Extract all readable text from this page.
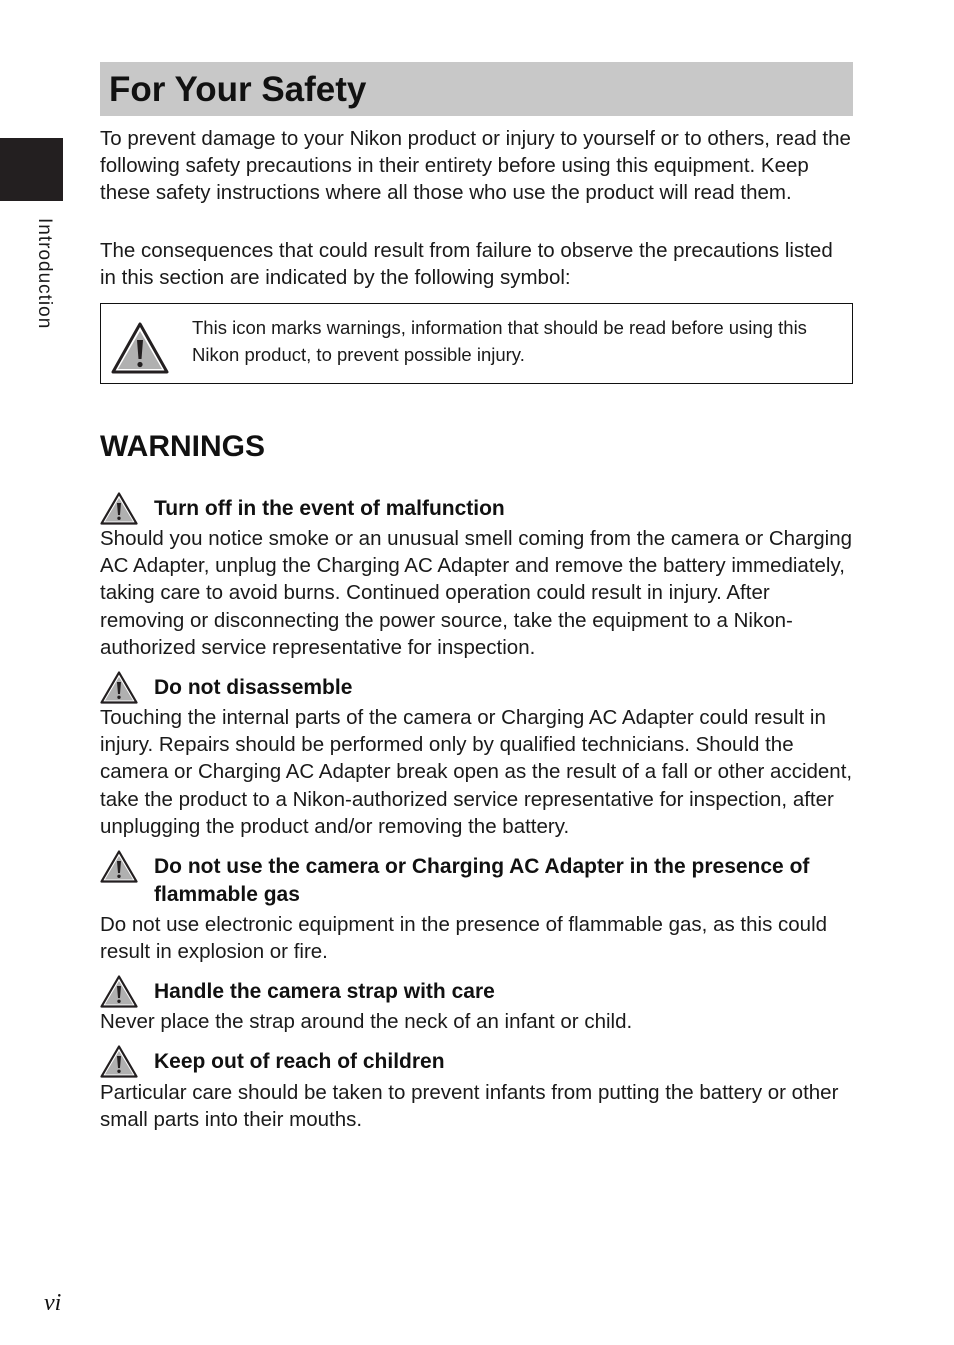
Introduction
For Your Safety

To prevent damage to your Nikon product or injury to yourself or to others, read the following safety precautions in their entirety before using this equipment. Keep these safety instructions where all those who use the product will read them.

The consequences that could result from failure to observe the precautions listed in this section are indicated by the following symbol:

This icon marks warnings, information that should be read before using this Nikon product, to prevent possible injury.

WARNINGS
Turn off in the event of malfunction

Should you notice smoke or an unusual smell coming from the camera or Charging AC Adapter, unplug the Charging AC Adapter and remove the battery immediately, taking care to avoid burns. Continued operation could result in injury. After removing or disconnecting the power source, take the equipment to a Nikon-authorized service representative for inspection.

Do not disassemble

Touching the internal parts of the camera or Charging AC Adapter could result in injury. Repairs should be performed only by qualified technicians. Should the camera or Charging AC Adapter break open as the result of a fall or other accident, take the product to a Nikon-authorized service representative for inspection, after unplugging the product and/or removing the battery.

Do not use the camera or Charging AC Adapter in the presence of flammable gas

Do not use electronic equipment in the presence of flammable gas, as this could result in explosion or fire.

Handle the camera strap with care

Never place the strap around the neck of an infant or child.

Keep out of reach of children

Particular care should be taken to prevent infants from putting the battery or other small parts into their mouths.

vi
